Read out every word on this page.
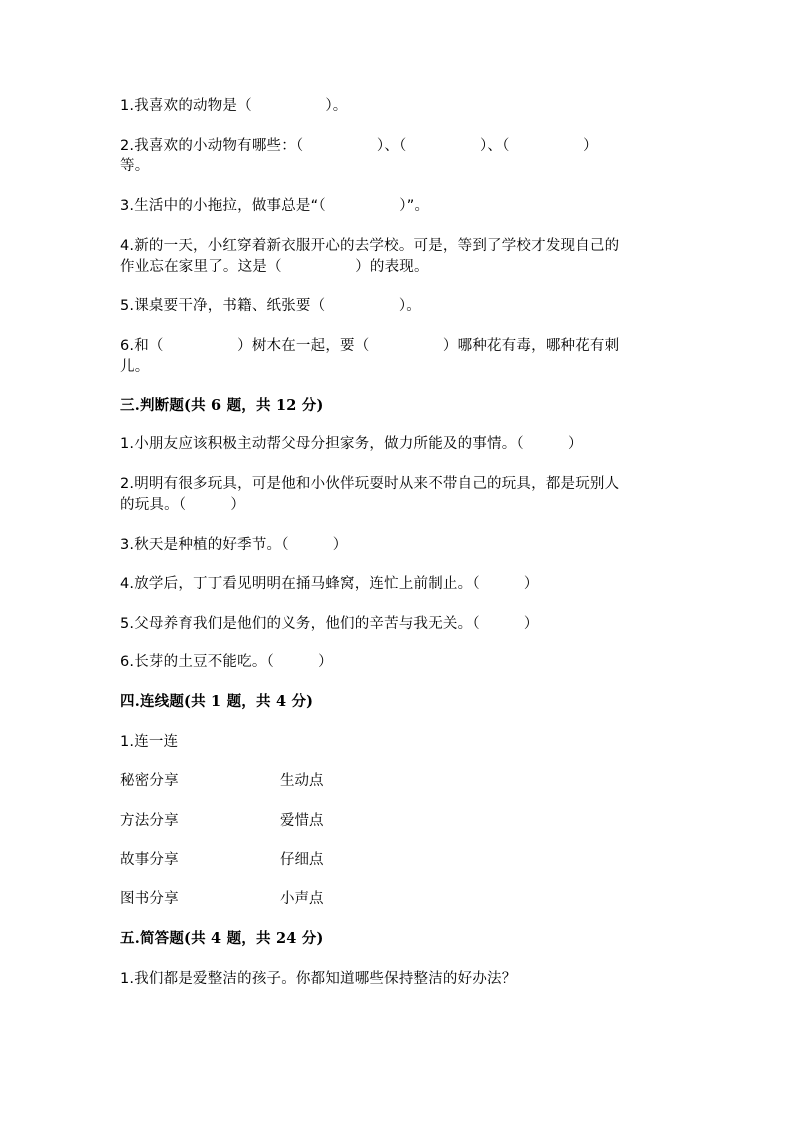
1.我喜欢的动物是（　　　　　）。
2.我喜欢的小动物有哪些：（　　　　　）、（　　　　　）、（　　　　　）
等。
3.生活中的小拖拉，做事总是“（　　　　　）”。
4.新的一天，小红穿着新衣服开心的去学校。可是，等到了学校才发现自己的
作业忘在家里了。这是（　　　　　）的表现。
5.课桌要干净，书籍、纸张要（　　　　　）。
6.和（　　　　　）树木在一起，要（　　　　　）哪种花有毒，哪种花有刺
儿。
三.判断题(共 6 题，共 12 分)
1.小朋友应该积极主动帮父母分担家务，做力所能及的事情。（　　　）
2.明明有很多玩具，可是他和小伙伴玩耍时从来不带自己的玩具，都是玩别人
的玩具。（　　　）
3.秋天是种植的好季节。（　　　）
4.放学后，丁丁看见明明在捅马蜂窝，连忙上前制止。（　　　）
5.父母养育我们是他们的义务，他们的辛苦与我无关。（　　　）
6.长芽的土豆不能吃。（　　　）
四.连线题(共 1 题，共 4 分)
1.连一连
秘密分享	生动点
方法分享	爱惜点
故事分享	仔细点
图书分享	小声点
五.简答题(共 4 题，共 24 分)
1.我们都是爱整洁的孩子。你都知道哪些保持整洁的好办法？
